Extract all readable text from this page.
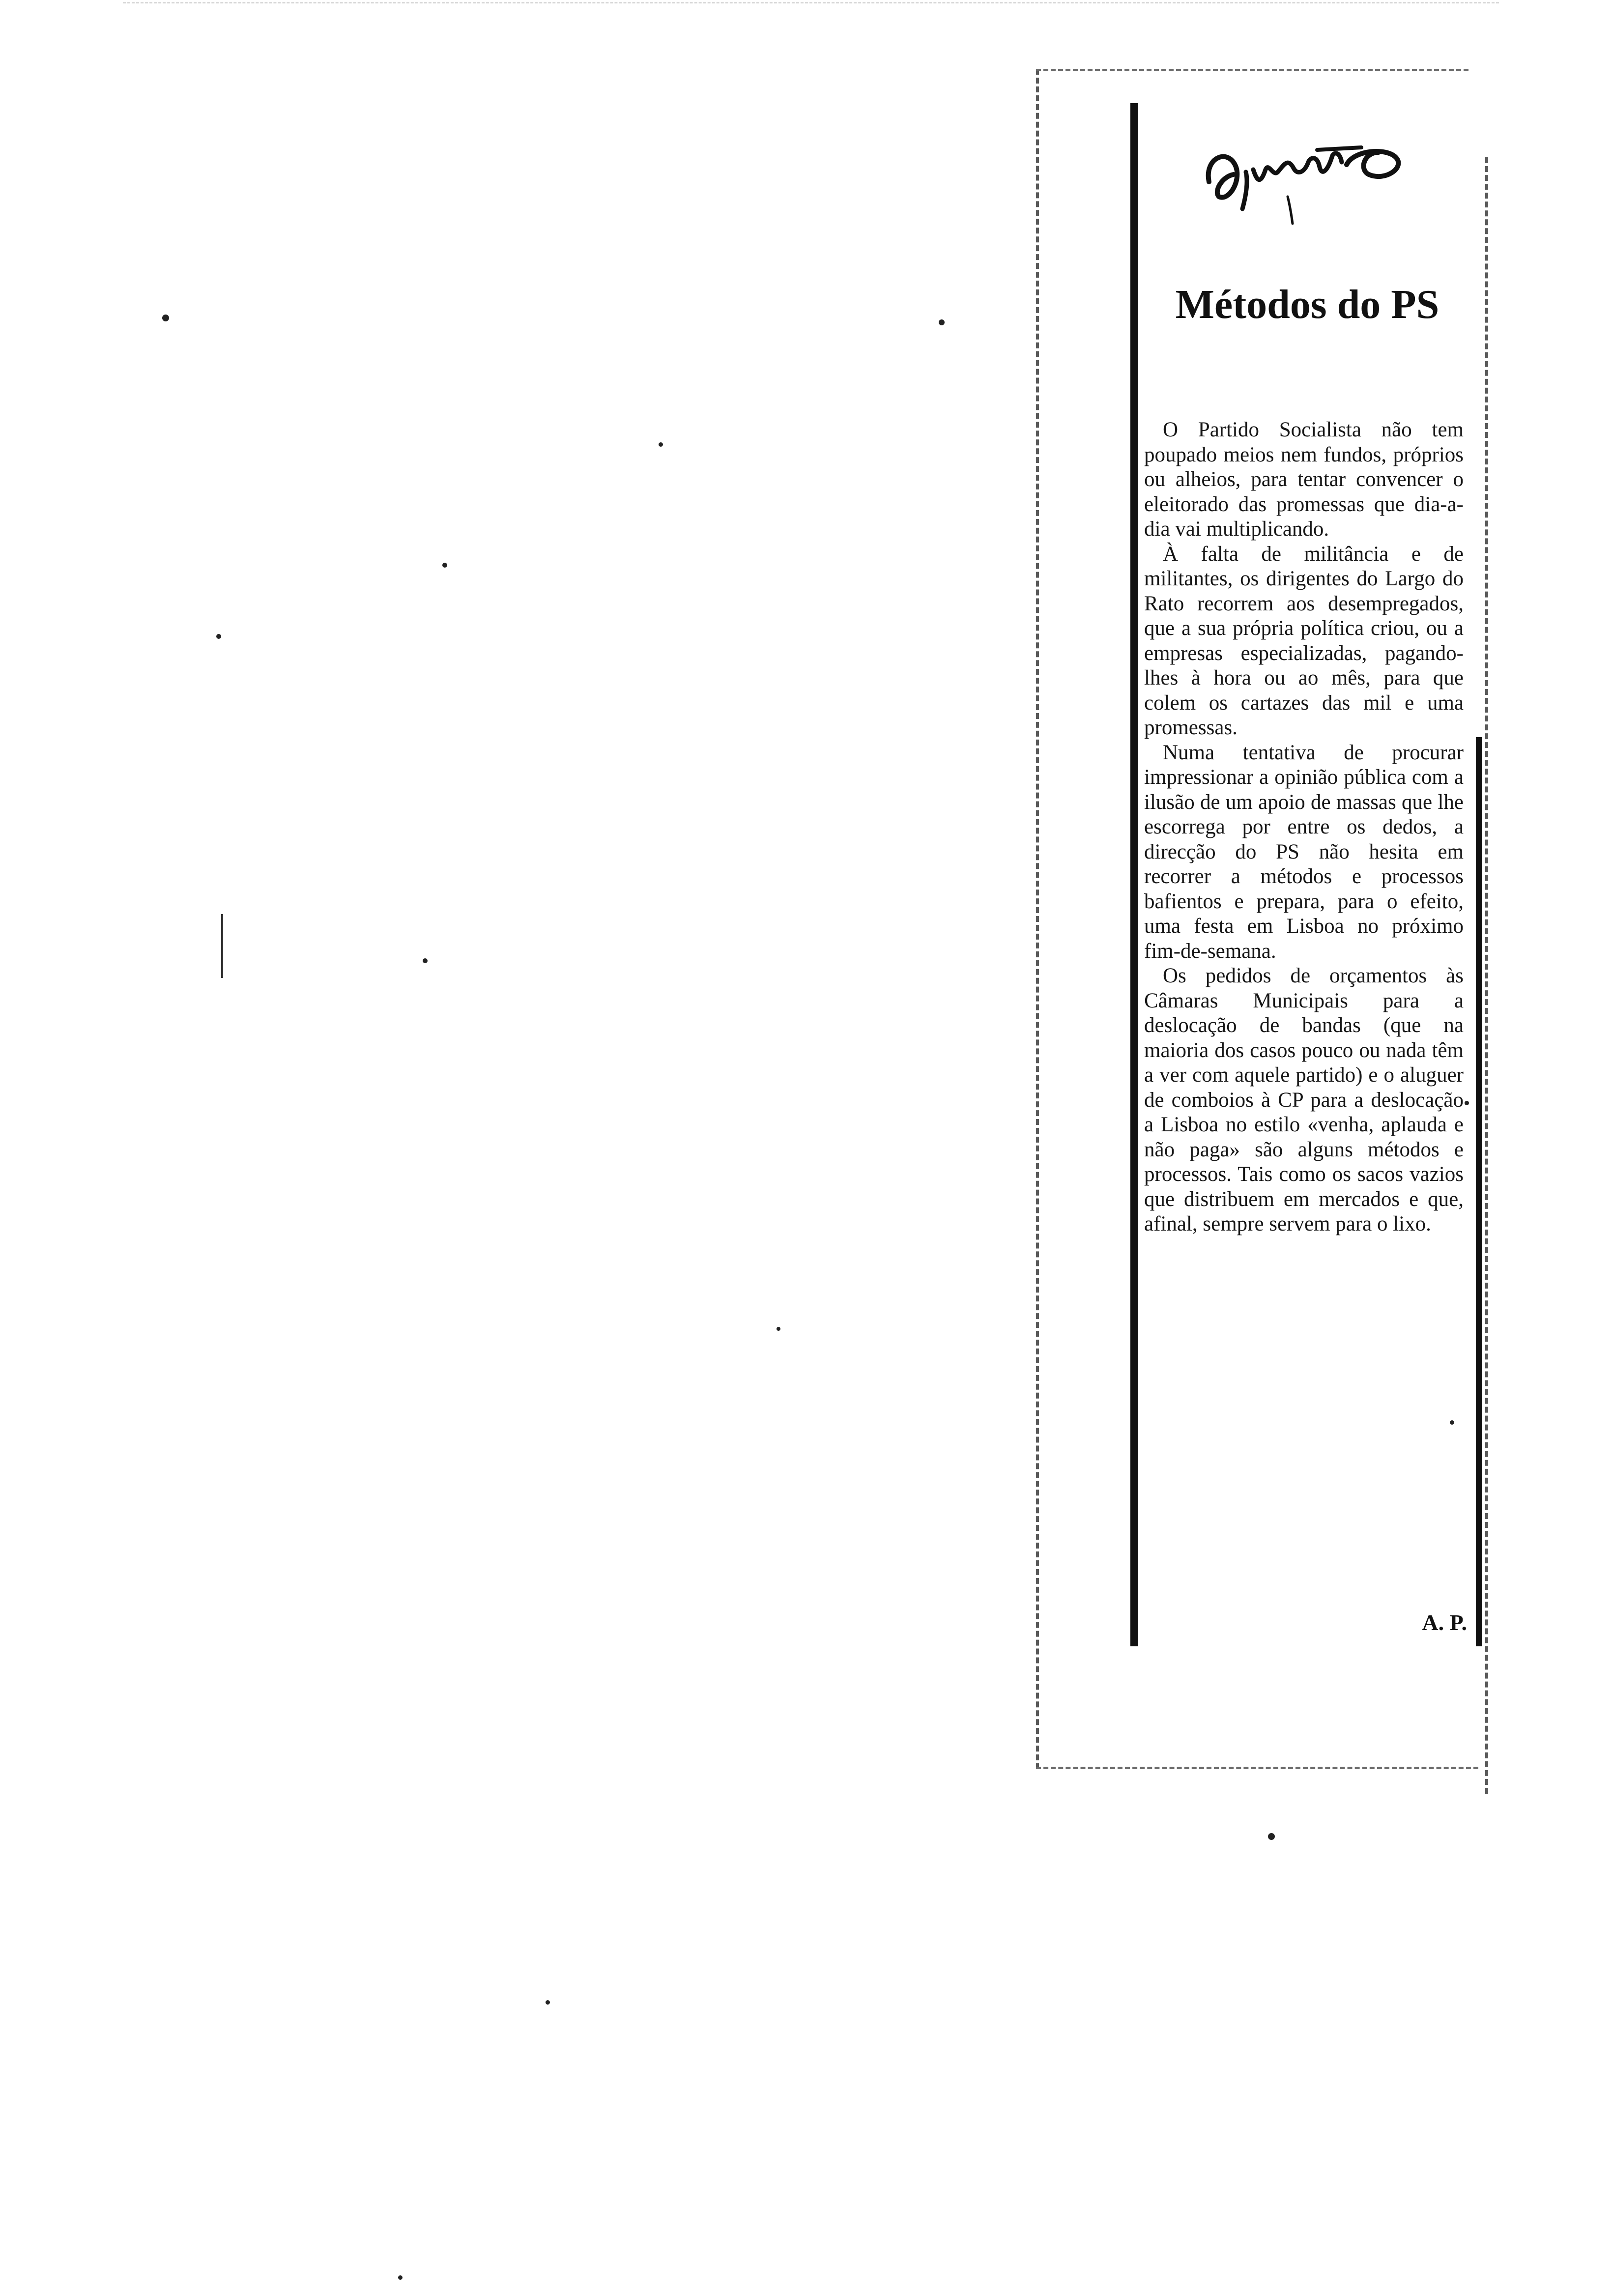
Métodos do PS

O Partido Socialista não tem poupado meios nem fundos, próprios ou alheios, para tentar convencer o eleitorado das promessas que dia-a-dia vai multiplicando.

À falta de militância e de militantes, os dirigentes do Largo do Rato recorrem aos desempregados, que a sua própria política criou, ou a empresas especializadas, pagando-lhes à hora ou ao mês, para que colem os cartazes das mil e uma promessas.

Numa tentativa de procurar impressionar a opinião pública com a ilusão de um apoio de massas que lhe escorrega por entre os dedos, a direcção do PS não hesita em recorrer a métodos e processos bafientos e prepara, para o efeito, uma festa em Lisboa no próximo fim-de-semana.

Os pedidos de orçamentos às Câmaras Municipais para a deslocação de bandas (que na maioria dos casos pouco ou nada têm a ver com aquele partido) e o aluguer de comboios à CP para a deslocação a Lisboa no estilo «venha, aplauda e não paga» são alguns métodos e processos. Tais como os sacos vazios que distribuem em mercados e que, afinal, sempre servem para o lixo.

A. P.
